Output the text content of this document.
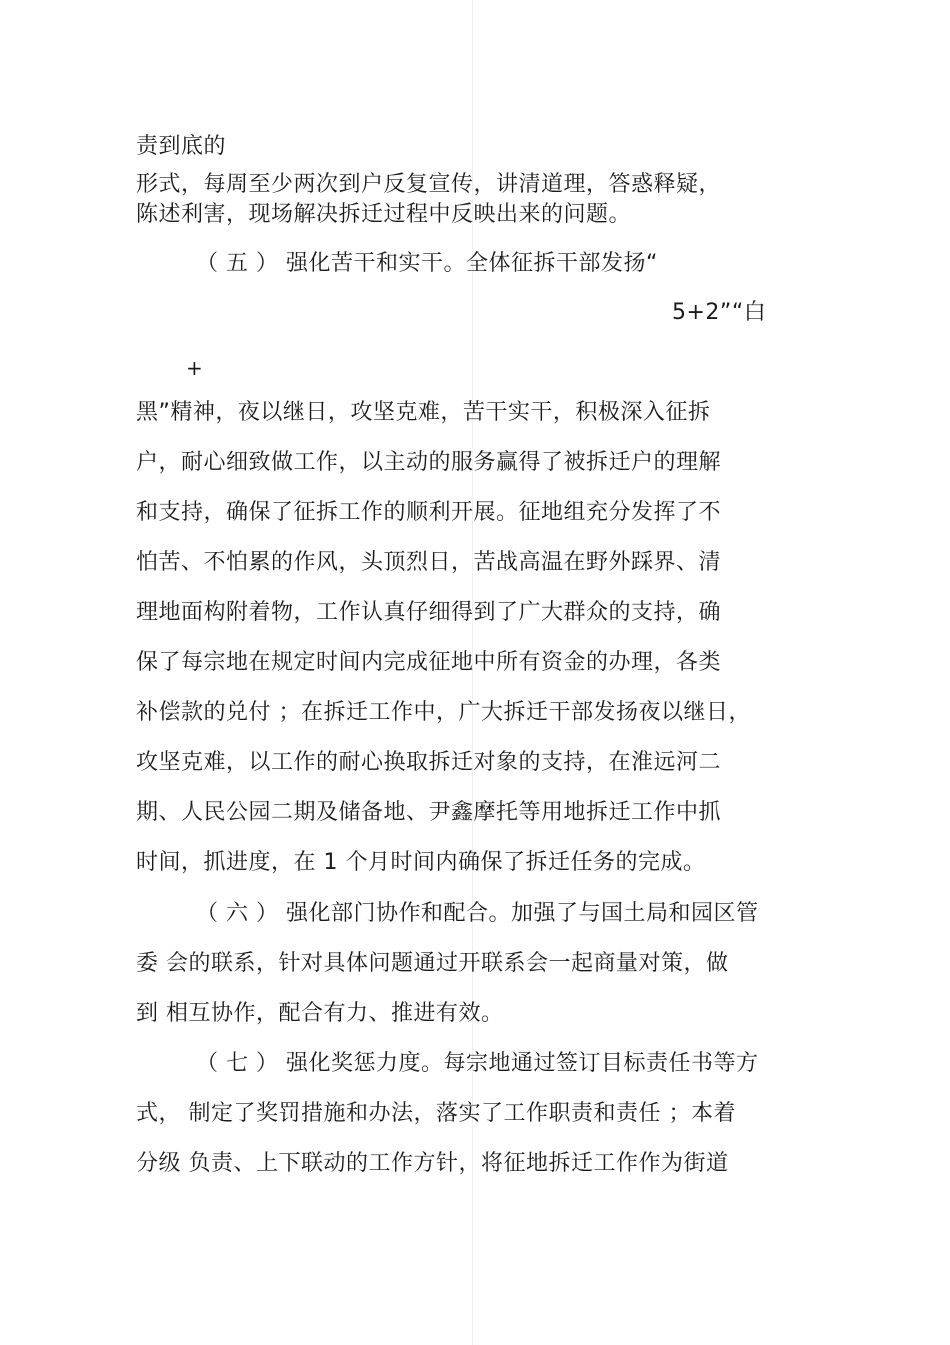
责到底的
形式，每周至少两次到户反复宣传，讲清道理，答惑释疑，
陈述利害，现场解决拆迁过程中反映出来的问题。
（ 五 ） 强化苦干和实干。全体征拆干部发扬“
5+2”“白
+
黑”精神，夜以继日，攻坚克难，苦干实干，积极深入征拆
户，耐心细致做工作，以主动的服务赢得了被拆迁户的理解
和支持，确保了征拆工作的顺利开展。征地组充分发挥了不
怕苦、不怕累的作风，头顶烈日，苦战高温在野外踩界、清
理地面构附着物，工作认真仔细得到了广大群众的支持，确
保了每宗地在规定时间内完成征地中所有资金的办理，各类
补偿款的兑付 ；在拆迁工作中，广大拆迁干部发扬夜以继日，
攻坚克难，以工作的耐心换取拆迁对象的支持，在淮远河二
期、人民公园二期及储备地、尹鑫摩托等用地拆迁工作中抓
时间，抓进度，在 1 个月时间内确保了拆迁任务的完成。
（ 六 ） 强化部门协作和配合。加强了与国土局和园区管
委 会的联系，针对具体问题通过开联系会一起商量对策，做
到 相互协作，配合有力、推进有效。
（ 七 ） 强化奖惩力度。每宗地通过签订目标责任书等方
式， 制定了奖罚措施和办法，落实了工作职责和责任 ；本着
分级 负责、上下联动的工作方针，将征地拆迁工作作为街道
